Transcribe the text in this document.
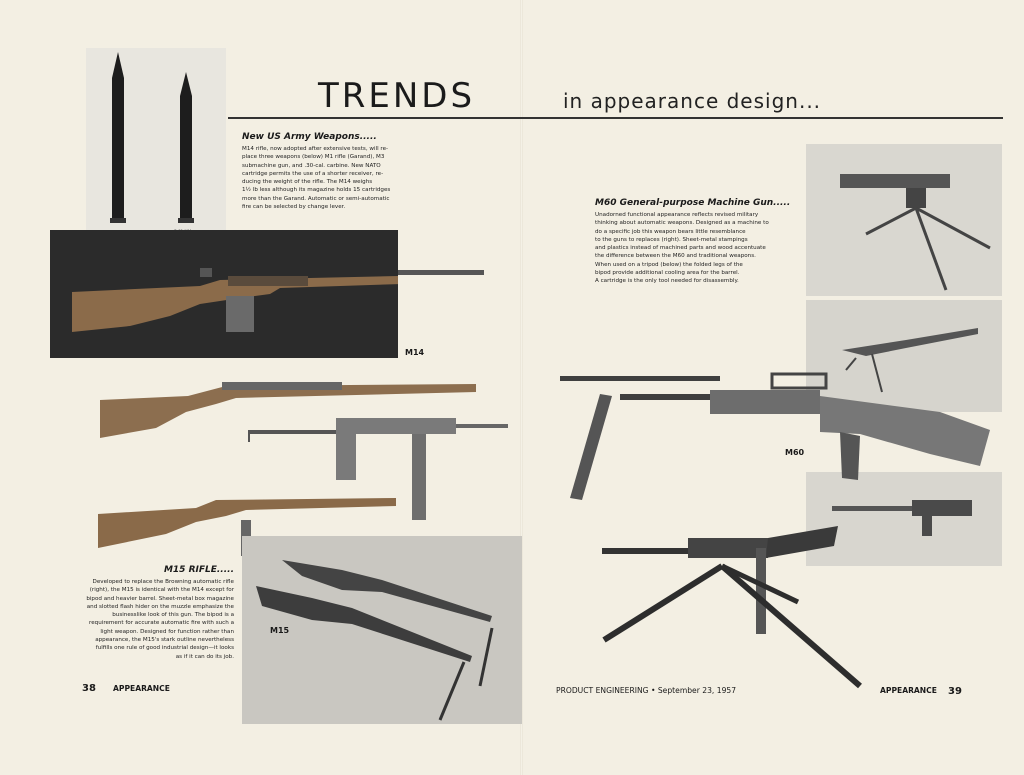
TRENDS	in appearance design...
New US Army Weapons.....
M14 rifle, now adopted after extensive tests, will re-
place three weapons (below) M1 rifle (Garand), M3
submachine gun, and .30-cal. carbine. New NATO
cartridge permits the use of a shorter receiver, re-
ducing the weight of the rifle. The M14 weighs
1½ lb less although its magazine holds 15 cartridges
more than the Garand. Automatic or semi-automatic
fire can be selected by change lever.
M14
M15 RIFLE.....
Developed to replace the Browning automatic rifle
(right), the M15 is identical with the M14 except for
bipod and heavier barrel. Sheet-metal box magazine
and slotted flash hider on the muzzle emphasize the
businesslike look of this gun. The bipod is a
requirement for accurate automatic fire with such a
light weapon. Designed for function rather than
appearance, the M15's stark outline nevertheless
fulfills one rule of good industrial design—it looks
as if it can do its job.
M15
M60 General-purpose Machine Gun.....
Unadorned functional appearance reflects revised military
thinking about automatic weapons. Designed as a machine to
do a specific job this weapon bears little resemblance
to the guns to replaces (right). Sheet-metal stampings
and plastics instead of machined parts and wood accentuate
the difference between the M60 and traditional weapons.
When used on a tripod (below) the folded legs of the
bipod provide additional cooling area for the barrel.
A cartridge is the only tool needed for disassembly.
M60
38 APPEARANCE	PRODUCT ENGINEERING • September 23, 1957	APPEARANCE 39
